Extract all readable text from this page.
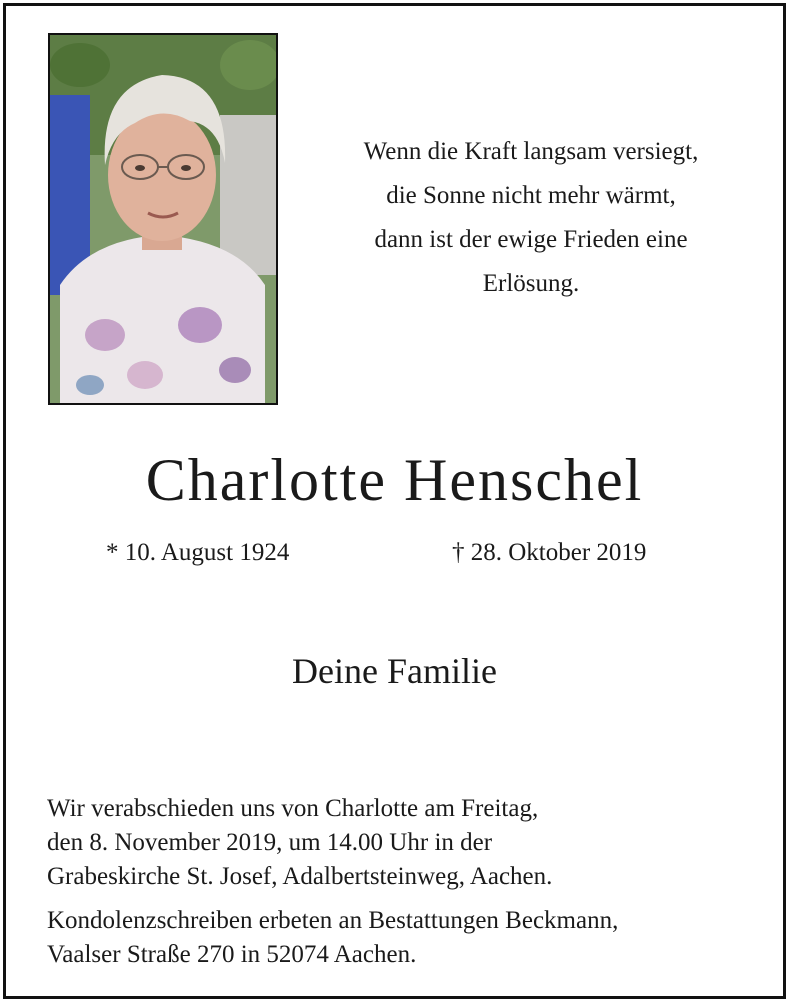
Wenn die Kraft langsam versiegt,
die Sonne nicht mehr wärmt,
dann ist der ewige Frieden eine
Erlösung.
Charlotte Henschel
* 10. August 1924	† 28. Oktober 2019
Deine Familie
Wir verabschieden uns von Charlotte am Freitag,
den 8. November 2019, um 14.00 Uhr in der
Grabeskirche St. Josef, Adalbertsteinweg, Aachen.
Kondolenzschreiben erbeten an Bestattungen Beckmann,
Vaalser Straße 270 in 52074 Aachen.
